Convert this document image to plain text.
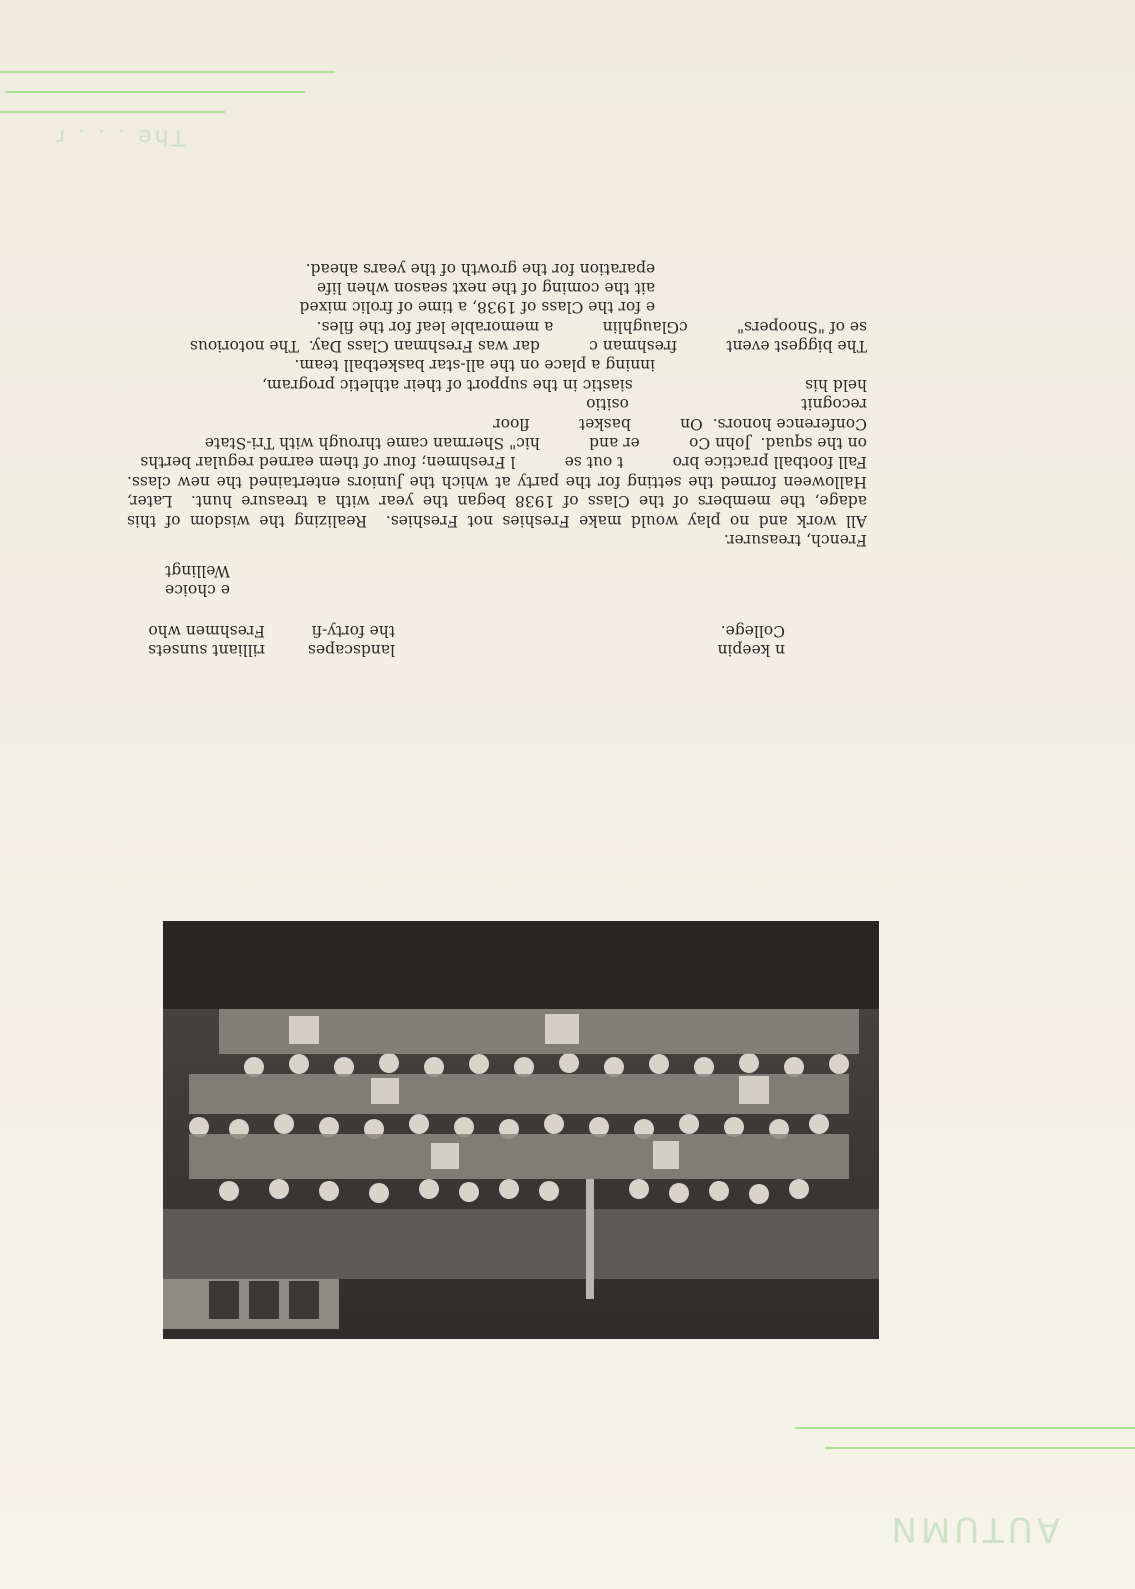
AUTUMN
The . . . r
n keepin
College.
landscapes
the forty-fi
rilliant sunsets
Freshmen who
e choice
Wellingt
French, treasurer.
All work and no play would make Freshies not Freshies.  Realizing the wisdom of this
adage, the members of the Class of 1938 began the year with a treasure hunt.  Later,
Halloween formed the setting for the party at which the Juniors entertained the new class.
Fall football practice bro          t out se          l Freshmen; four of them earned regular berths
on the squad.  John Co          er and          hic" Sherman came through with Tri-State
Conference honors.  On          basket          floor
recognit                                   ositio
held his                                   siastic in the support of their athletic program,
inning a place on the all-star basketball team.
The biggest event          freshman c          dar was Freshman Class Day.  The notorious
se of "Snoopers"          cGlaughlin          a memorable leaf for the files.
e for the Class of 1938, a time of frolic mixed
ait the coming of the next season when life
eparation for the growth of the years ahead.
